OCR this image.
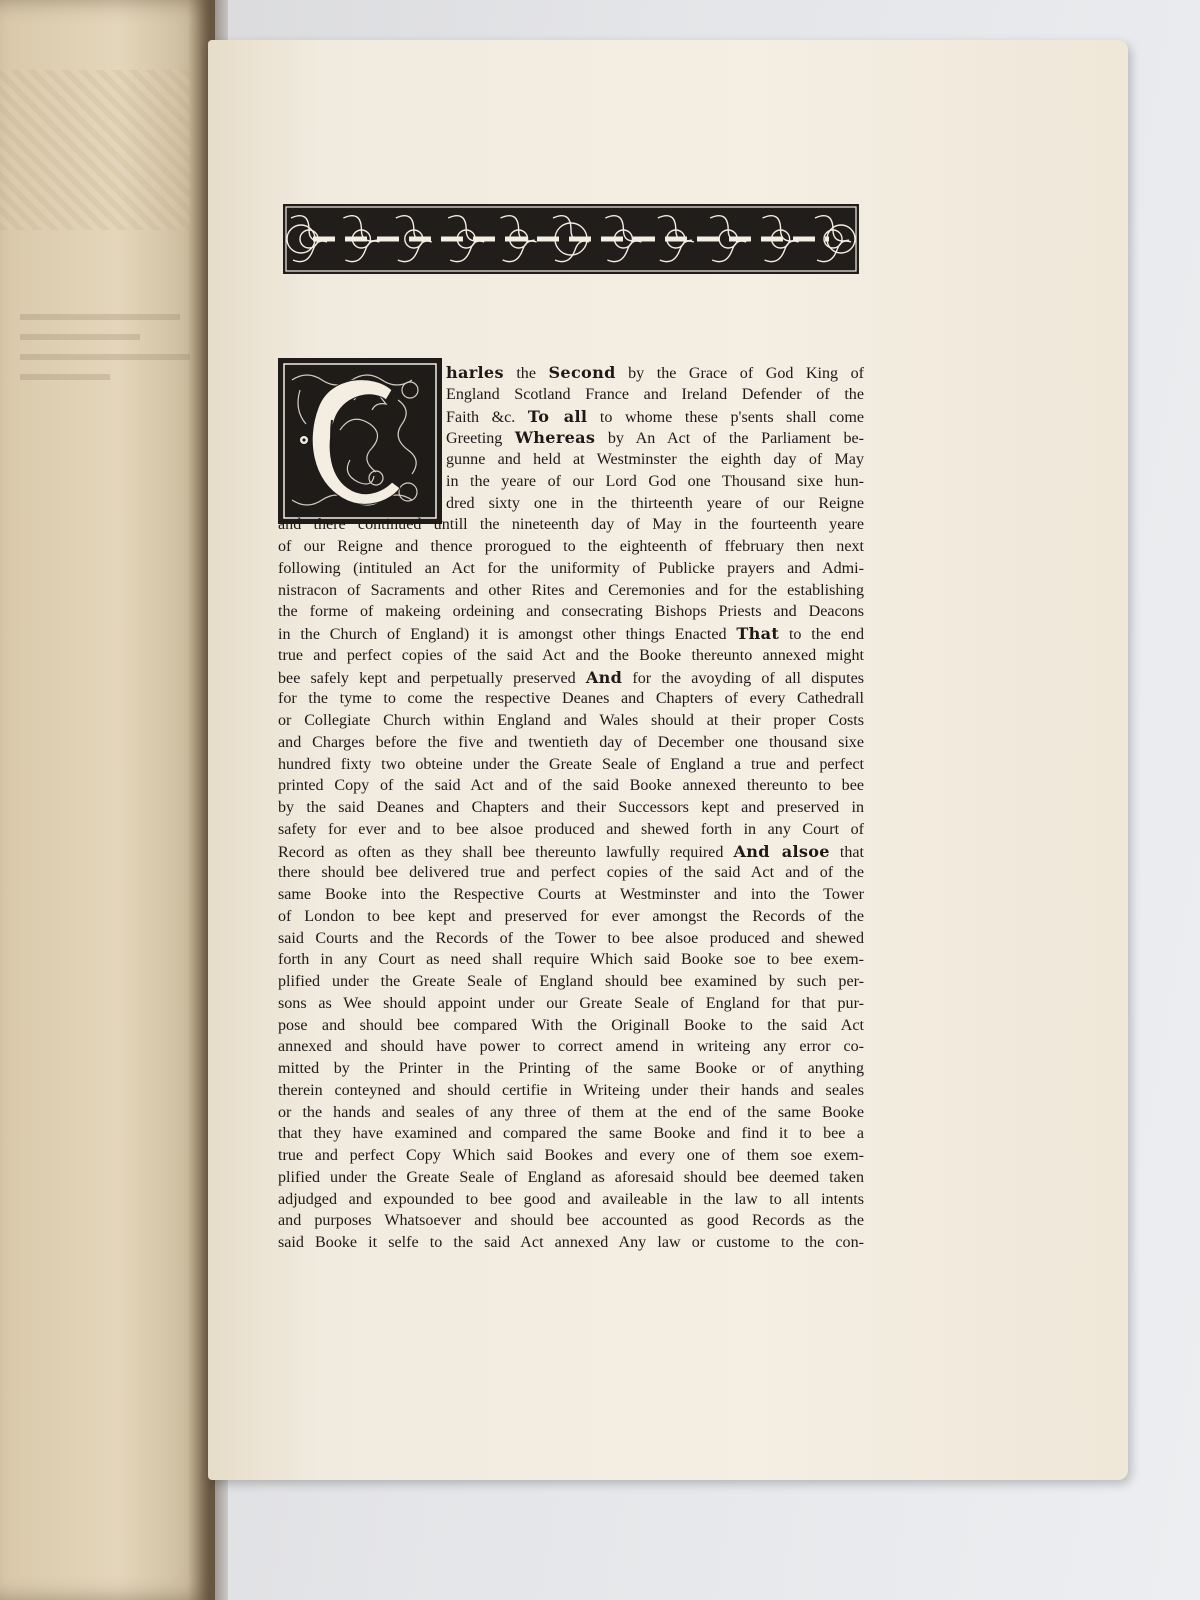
harles the Second by the Grace of God King of
England Scotland France and Ireland Defender of the
Faith &c. To all to whome these p'sents shall come
Greeting Whereas by An Act of the Parliament be-
gunne and held at Westminster the eighth day of May
in the yeare of our Lord God one Thousand sixe hun-
dred sixty one in the thirteenth yeare of our Reigne
and there continued untill the nineteenth day of May in the fourteenth yeare
of our Reigne and thence prorogued to the eighteenth of ffebruary then next
following (intituled an Act for the uniformity of Publicke prayers and Admi-
nistracon of Sacraments and other Rites and Ceremonies and for the establishing
the forme of makeing ordeining and consecrating Bishops Priests and Deacons
in the Church of England) it is amongst other things Enacted That to the end
true and perfect copies of the said Act and the Booke thereunto annexed might
bee safely kept and perpetually preserved And for the avoyding of all disputes
for the tyme to come the respective Deanes and Chapters of every Cathedrall
or Collegiate Church within England and Wales should at their proper Costs
and Charges before the five and twentieth day of December one thousand sixe
hundred fixty two obteine under the Greate Seale of England a true and perfect
printed Copy of the said Act and of the said Booke annexed thereunto to bee
by the said Deanes and Chapters and their Successors kept and preserved in
safety for ever and to bee alsoe produced and shewed forth in any Court of
Record as often as they shall bee thereunto lawfully required And alsoe that
there should bee delivered true and perfect copies of the said Act and of the
same Booke into the Respective Courts at Westminster and into the Tower
of London to bee kept and preserved for ever amongst the Records of the
said Courts and the Records of the Tower to bee alsoe produced and shewed
forth in any Court as need shall require Which said Booke soe to bee exem-
plified under the Greate Seale of England should bee examined by such per-
sons as Wee should appoint under our Greate Seale of England for that pur-
pose and should bee compared With the Originall Booke to the said Act
annexed and should have power to correct amend in writeing any error co-
mitted by the Printer in the Printing of the same Booke or of anything
therein conteyned and should certifie in Writeing under their hands and seales
or the hands and seales of any three of them at the end of the same Booke
that they have examined and compared the same Booke and find it to bee a
true and perfect Copy Which said Bookes and every one of them soe exem-
plified under the Greate Seale of England as aforesaid should bee deemed taken
adjudged and expounded to bee good and availeable in the law to all intents
and purposes Whatsoever and should bee accounted as good Records as the
said Booke it selfe to the said Act annexed Any law or custome to the con-
